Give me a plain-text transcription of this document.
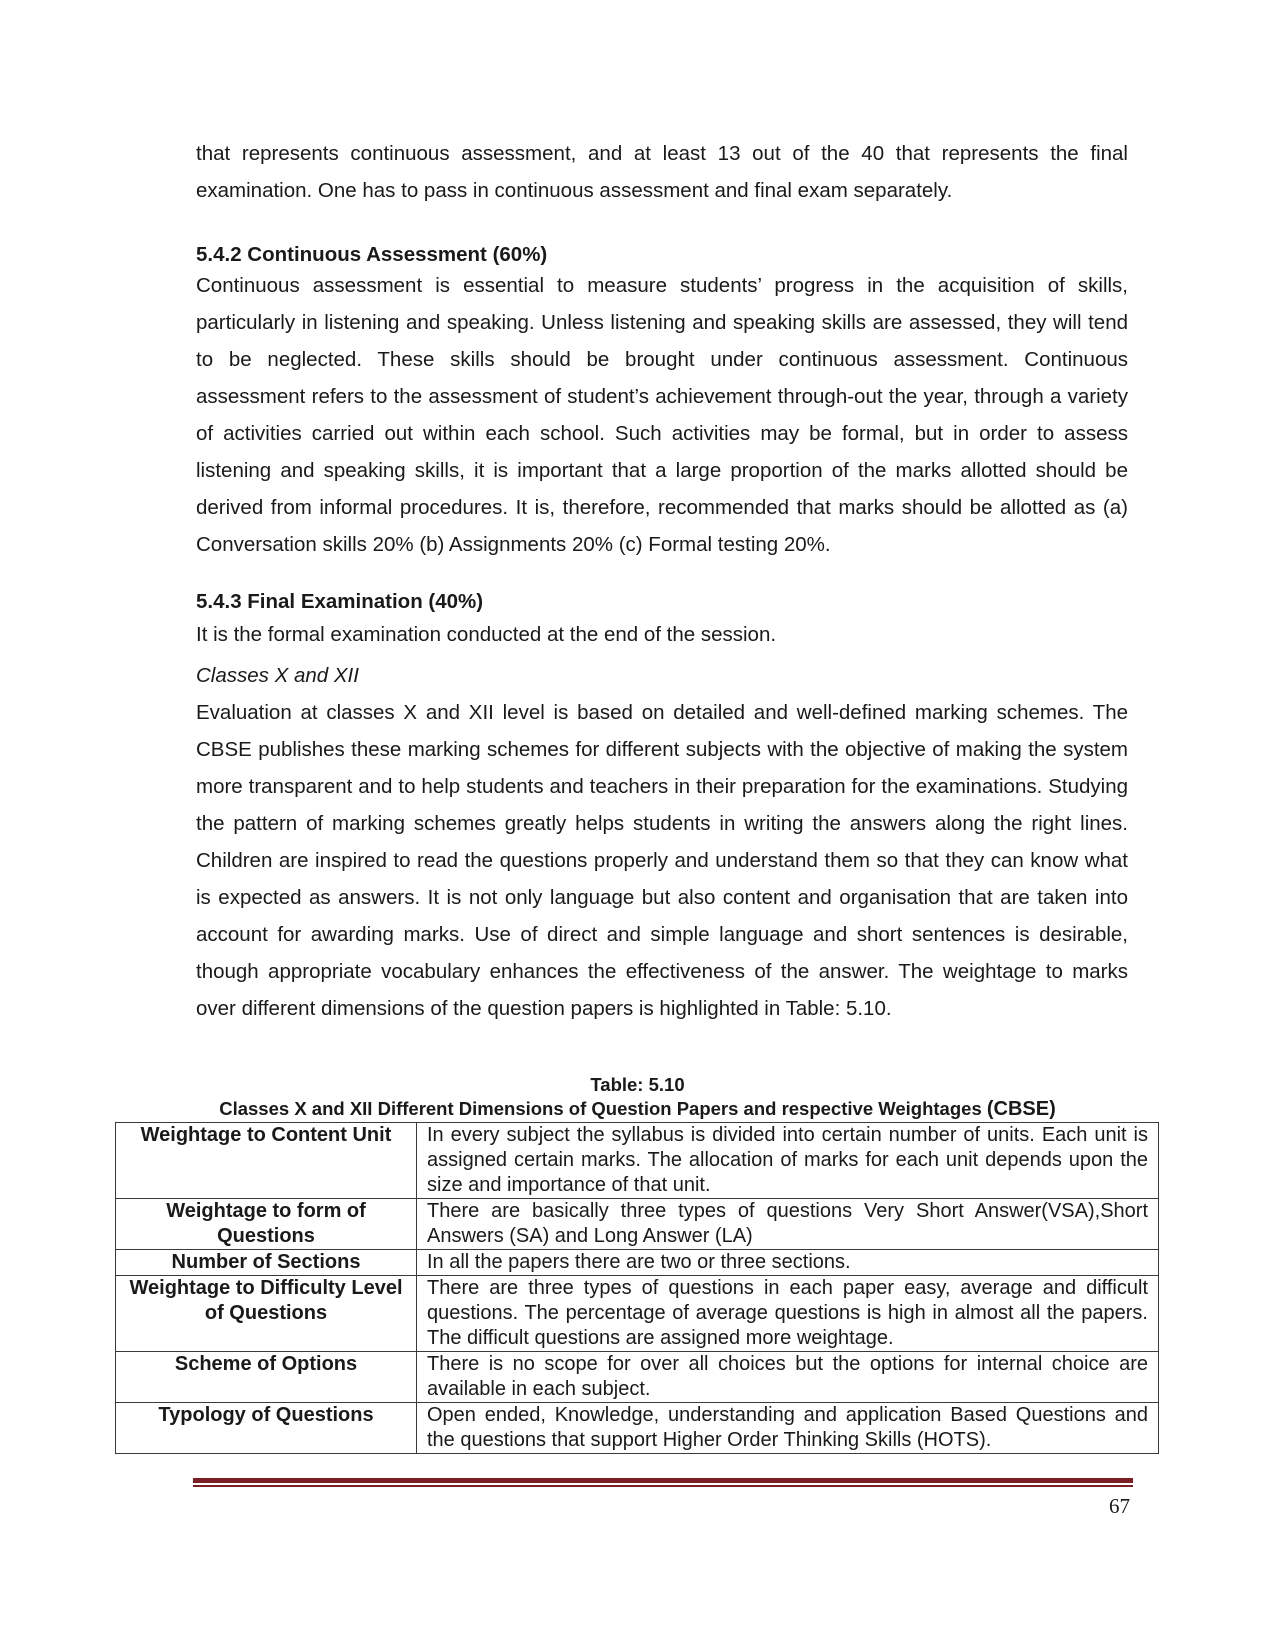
that represents continuous assessment, and at least 13 out of the 40 that represents the final examination. One has to pass in continuous assessment and final exam separately.

5.4.2 Continuous Assessment (60%)

Continuous assessment is essential to measure students’ progress in the acquisition of skills, particularly in listening and speaking. Unless listening and speaking skills are assessed, they will tend to be neglected. These skills should be brought under continuous assessment. Continuous assessment refers to the assessment of student’s achievement through-out the year, through a variety of activities carried out within each school. Such activities may be formal, but in order to assess listening and speaking skills, it is important that a large proportion of the marks allotted should be derived from informal procedures. It is, therefore, recommended that marks should be allotted as (a) Conversation skills 20% (b) Assignments 20% (c) Formal testing 20%.

5.4.3 Final Examination (40%)

It is the formal examination conducted at the end of the session.

Classes X and XII

Evaluation at classes X and XII level is based on detailed and well-defined marking schemes. The CBSE publishes these marking schemes for different subjects with the objective of making the system more transparent and to help students and teachers in their preparation for the examinations. Studying the pattern of marking schemes greatly helps students in writing the answers along the right lines. Children are inspired to read the questions properly and understand them so that they can know what is expected as answers. It is not only language but also content and organisation that are taken into account for awarding marks. Use of direct and simple language and short sentences is desirable, though appropriate vocabulary enhances the effectiveness of the answer. The weightage to marks over different dimensions of the question papers is highlighted in Table: 5.10.

Table: 5.10
Classes X and XII Different Dimensions of Question Papers and respective Weightages (CBSE)
Weightage to Content Unit	In every subject the syllabus is divided into certain number of units. Each unit is assigned certain marks. The allocation of marks for each unit depends upon the size and importance of that unit.
Weightage to form of Questions	There are basically three types of questions Very Short Answer(VSA),Short Answers (SA) and Long Answer (LA)
Number of Sections	In all the papers there are two or three sections.
Weightage to Difficulty Level of Questions	There are three types of questions in each paper easy, average and difficult questions. The percentage of average questions is high in almost all the papers. The difficult questions are assigned more weightage.
Scheme of Options	There is no scope for over all choices but the options for internal choice are available in each subject.
Typology of Questions	Open ended, Knowledge, understanding and application Based Questions and the questions that support Higher Order Thinking Skills (HOTS).
67
